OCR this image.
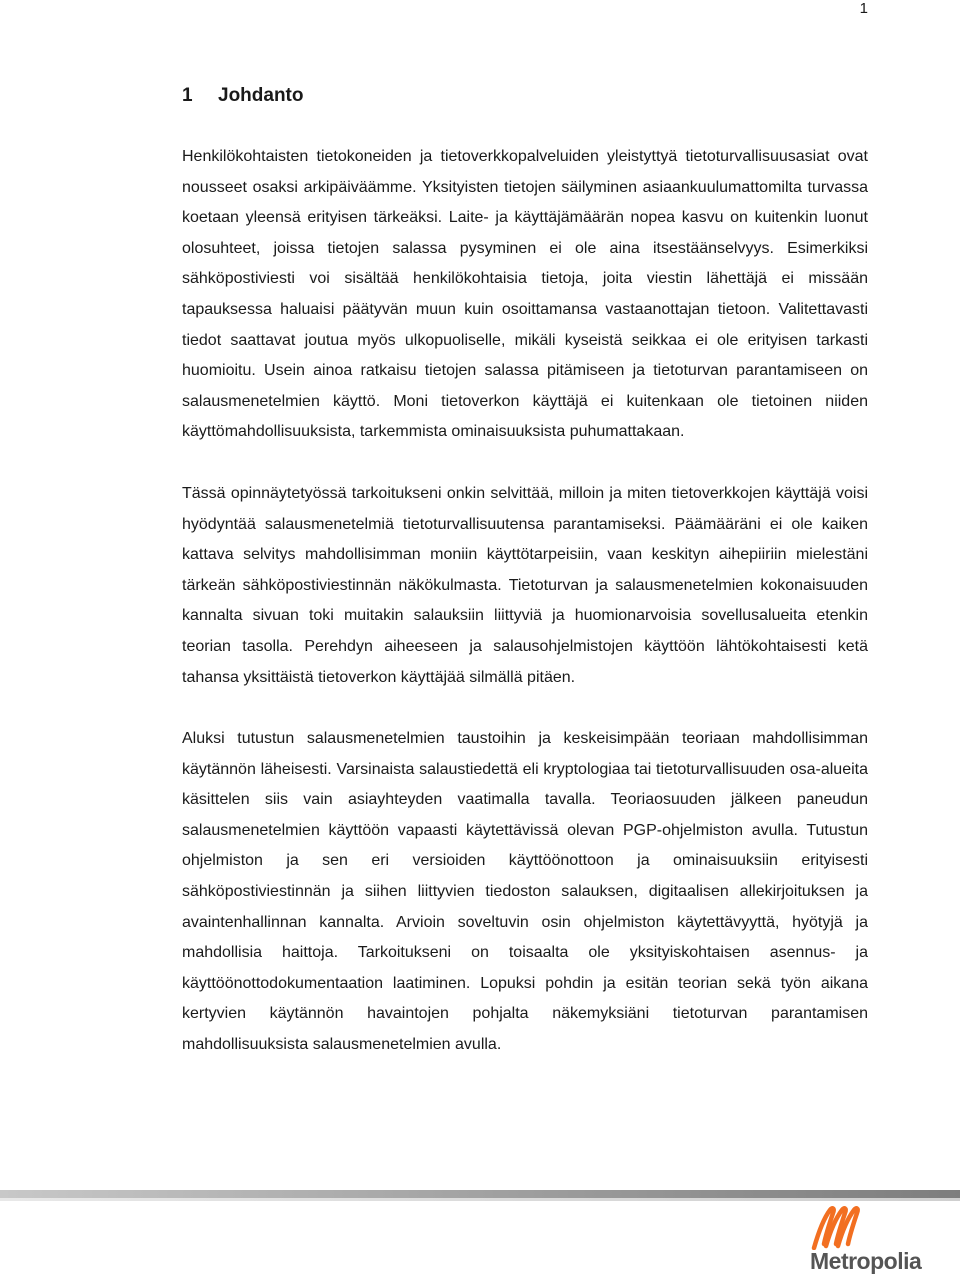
1
1 Johdanto

Henkilökohtaisten tietokoneiden ja tietoverkkopalveluiden yleistyttyä tietoturvallisuusasiat ovat nousseet osaksi arkipäiväämme. Yksityisten tietojen säilyminen asiaankuulumattomilta turvassa koetaan yleensä erityisen tärkeäksi. Laite- ja käyttäjämäärän nopea kasvu on kuitenkin luonut olosuhteet, joissa tietojen salassa pysyminen ei ole aina itsestäänselvyys. Esimerkiksi sähköpostiviesti voi sisältää henkilökohtaisia tietoja, joita viestin lähettäjä ei missään tapauksessa haluaisi päätyvän muun kuin osoittamansa vastaanottajan tietoon. Valitettavasti tiedot saattavat joutua myös ulkopuoliselle, mikäli kyseistä seikkaa ei ole erityisen tarkasti huomioitu. Usein ainoa ratkaisu tietojen salassa pitämiseen ja tietoturvan parantamiseen on salausmenetelmien käyttö. Moni tietoverkon käyttäjä ei kuitenkaan ole tietoinen niiden käyttömahdollisuuksista, tarkemmista ominaisuuksista puhumattakaan.

Tässä opinnäytetyössä tarkoitukseni onkin selvittää, milloin ja miten tietoverkkojen käyttäjä voisi hyödyntää salausmenetelmiä tietoturvallisuutensa parantamiseksi. Päämääräni ei ole kaiken kattava selvitys mahdollisimman moniin käyttötarpeisiin, vaan keskityn aihepiiriin mielestäni tärkeän sähköpostiviestinnän näkökulmasta. Tietoturvan ja salausmenetelmien kokonaisuuden kannalta sivuan toki muitakin salauksiin liittyviä ja huomionarvoisia sovellusalueita etenkin teorian tasolla. Perehdyn aiheeseen ja salausohjelmistojen käyttöön lähtökohtaisesti ketä tahansa yksittäistä tietoverkon käyttäjää silmällä pitäen.

Aluksi tutustun salausmenetelmien taustoihin ja keskeisimpään teoriaan mahdollisimman käytännön läheisesti. Varsinaista salaustiedettä eli kryptologiaa tai tietoturvallisuuden osa-alueita käsittelen siis vain asiayhteyden vaatimalla tavalla. Teoriaosuuden jälkeen paneudun salausmenetelmien käyttöön vapaasti käytettävissä olevan PGP-ohjelmiston avulla. Tutustun ohjelmiston ja sen eri versioiden käyttöönottoon ja ominaisuuksiin erityisesti sähköpostiviestinnän ja siihen liittyvien tiedoston salauksen, digitaalisen allekirjoituksen ja avaintenhallinnan kannalta. Arvioin soveltuvin osin ohjelmiston käytettävyyttä, hyötyjä ja mahdollisia haittoja. Tarkoitukseni on toisaalta ole yksityiskohtaisen asennus- ja käyttöönottodokumentaation laatiminen. Lopuksi pohdin ja esitän teorian sekä työn aikana kertyvien käytännön havaintojen pohjalta näkemyksiäni tietoturvan parantamisen mahdollisuuksista salausmenetelmien avulla.

Metropolia
